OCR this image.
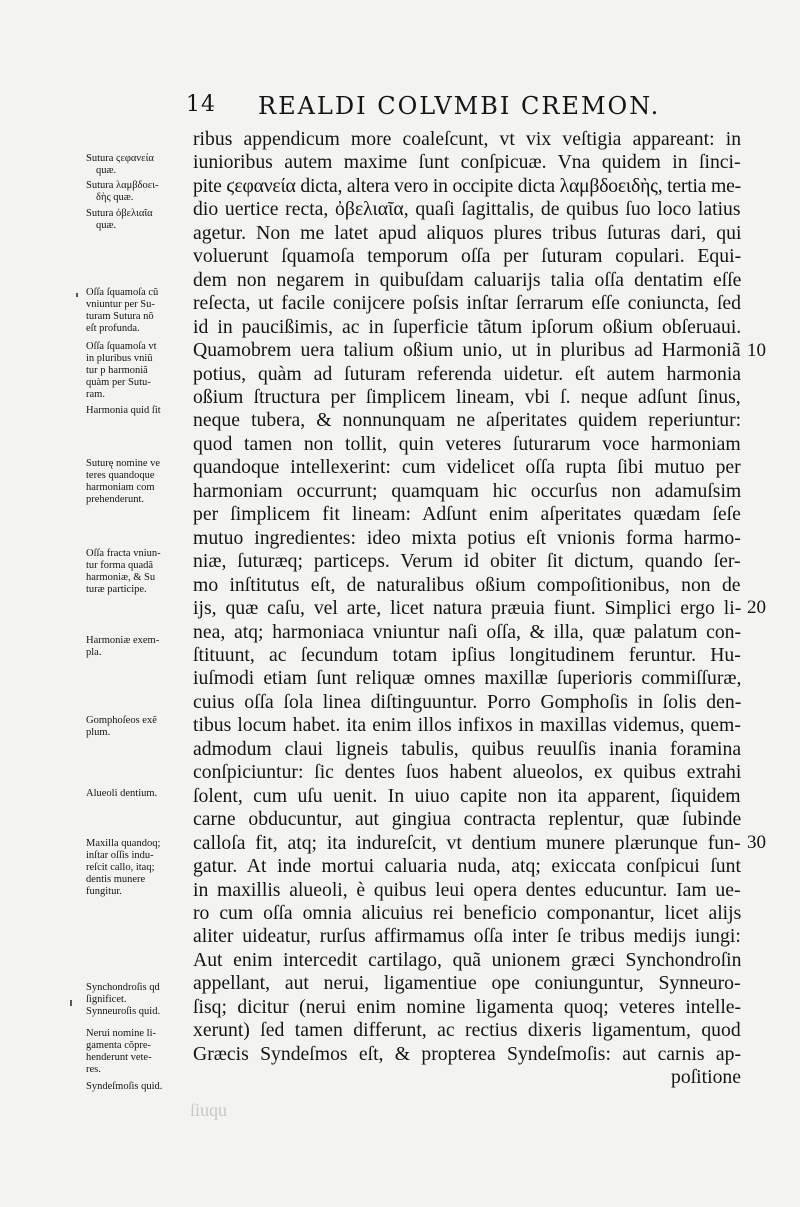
14 REALDI COLVMBI CREMON.
ribus appendicum more coaleſcunt, vt vix veſtigia appareant: in
iunioribus autem maxime ſunt conſpicuæ. Vna quidem in ſinci-
pite ϛεφανεία dicta, altera vero in occipite dicta λαμβδοειδὴς, tertia me-
dio uertice recta, ὀβελιαῖα, quaſi ſagittalis, de quibus ſuo loco latius
agetur. Non me latet apud aliquos plures tribus ſuturas dari, qui
voluerunt ſquamoſa temporum oſſa per ſuturam copulari. Equi-
dem non negarem in quibuſdam caluarijs talia oſſa dentatim eſſe
reſecta, ut facile conijcere poſsis inſtar ſerrarum eſſe coniuncta, ſed
id in paucißimis, ac in ſuperficie tãtum ipſorum oßium obſeruaui.
Quamobrem uera talium oßium unio, ut in pluribus ad Harmoniã
potius, quàm ad ſuturam referenda uidetur. eſt autem harmonia
oßium ſtructura per ſimplicem lineam, vbi ſ. neque adſunt ſinus,
neque tubera, & nonnunquam ne aſperitates quidem reperiuntur:
quod tamen non tollit, quin veteres ſuturarum voce harmoniam
quandoque intellexerint: cum videlicet oſſa rupta ſibi mutuo per
harmoniam occurrunt; quamquam hic occurſus non adamuſsim
per ſimplicem fit lineam: Adſunt enim aſperitates quædam ſeſe
mutuo ingredientes: ideo mixta potius eſt vnionis forma harmo-
niæ, ſuturæq; particeps. Verum id obiter ſit dictum, quando ſer-
mo inſtitutus eſt, de naturalibus oßium compoſitionibus, non de
ijs, quæ caſu, vel arte, licet natura præuia fiunt. Simplici ergo li-
nea, atq; harmoniaca vniuntur naſi oſſa, & illa, quæ palatum con-
ſtituunt, ac ſecundum totam ipſius longitudinem feruntur. Hu-
iuſmodi etiam ſunt reliquæ omnes maxillæ ſuperioris commiſſuræ,
cuius oſſa ſola linea diſtinguuntur. Porro Gomphoſis in ſolis den-
tibus locum habet. ita enim illos infixos in maxillas videmus, quem-
admodum claui ligneis tabulis, quibus reuulſis inania foramina
conſpiciuntur: ſic dentes ſuos habent alueolos, ex quibus extrahi
ſolent, cum uſu uenit. In uiuo capite non ita apparent, ſiquidem
carne obducuntur, aut gingiua contracta replentur, quæ ſubinde
calloſa fit, atq; ita indureſcit, vt dentium munere plærunque fun-
gatur. At inde mortui caluaria nuda, atq; exiccata conſpicui ſunt
in maxillis alueoli, è quibus leui opera dentes educuntur. Iam ue-
ro cum oſſa omnia alicuius rei beneficio componantur, licet alijs
aliter uideatur, rurſus affirmamus oſſa inter ſe tribus medijs iungi:
Aut enim intercedit cartilago, quã unionem græci Synchondroſin
appellant, aut nerui, ligamentiue ope coniunguntur, Synneuro-
ſisq; dicitur (nerui enim nomine ligamenta quoq; veteres intelle-
xerunt) ſed tamen differunt, ac rectius dixeris ligamentum, quod
Græcis Syndeſmos eſt, & propterea Syndeſmoſis: aut carnis ap-
poſitione
Sutura ϛεφανεία
quæ.
Sutura λαμβδοει-
δὴς quæ.
Sutura ὀβελιαῖα
quæ.
Oſſa ſquamoſa cũ
vniuntur per Su-
turam Sutura nõ
eſt profunda.
Oſſa ſquamoſa vt
in pluribus vniũ
tur p harmoniã
quàm per Sutu-
ram.
Harmonia quid ſit
Suturę nomine ve
teres quandoque
harmoniam com
prehenderunt.
Oſſa fracta vniun-
tur forma quadã
harmoniæ, & Su
turæ participe.
Harmoniæ exem-
pla.
Gomphoſeos exẽ
plum.
Alueoli dentium.
Maxilla quandoq;
inſtar oſſis indu-
reſcit callo, itaq;
dentis munere
fungitur.
Synchondroſis qd
ſignificet.
Synneuroſis quid.
Nerui nomine li-
gamenta cõpre-
henderunt vete-
res.
Syndeſmoſis quid.
10
20
30
ſiuqu
